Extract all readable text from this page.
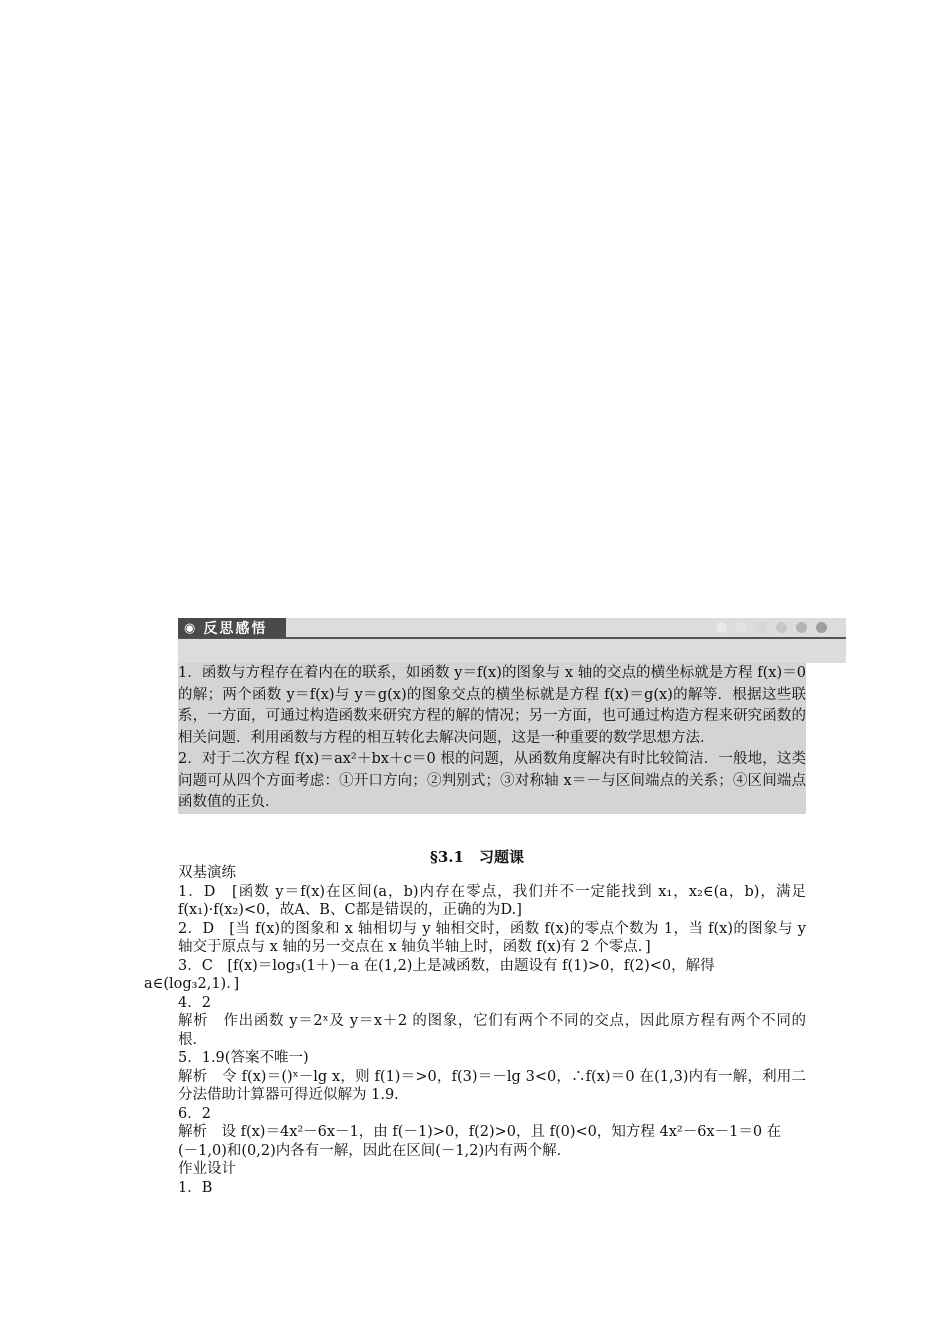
◉ 反思感悟

1．函数与方程存在着内在的联系，如函数 y＝f(x)的图象与 x 轴的交点的横坐标就是方程 f(x)＝0 的解；两个函数 y＝f(x)与 y＝g(x)的图象交点的横坐标就是方程 f(x)＝g(x)的解等．根据这些联系，一方面，可通过构造函数来研究方程的解的情况；另一方面，也可通过构造方程来研究函数的相关问题．利用函数与方程的相互转化去解决问题，这是一种重要的数学思想方法．

2．对于二次方程 f(x)＝ax²＋bx＋c＝0 根的问题，从函数角度解决有时比较简洁．一般地，这类问题可从四个方面考虑：①开口方向；②判别式；③对称轴 x＝－与区间端点的关系；④区间端点函数值的正负．

§3.1　习题课

双基演练

1．D　[函数 y＝f(x)在区间(a，b)内存在零点，我们并不一定能找到 x₁，x₂∈(a，b)，满足 f(x₁)·f(x₂)<0，故A、B、C都是错误的，正确的为D.]

2．D　[当 f(x)的图象和 x 轴相切与 y 轴相交时，函数 f(x)的零点个数为 1，当 f(x)的图象与 y 轴交于原点与 x 轴的另一交点在 x 轴负半轴上时，函数 f(x)有 2 个零点．]

3．C　[f(x)＝log₃(1＋)－a 在(1,2)上是减函数，由题设有 f(1)>0，f(2)<0，解得

a∈(log₃2,1)．]

4．2

解析　作出函数 y＝2ˣ及 y＝x＋2 的图象，它们有两个不同的交点，因此原方程有两个不同的根．

5．1.9(答案不唯一)

解析　令 f(x)＝()ˣ－lg x，则 f(1)＝>0，f(3)＝－lg 3<0，∴f(x)＝0 在(1,3)内有一解，利用二分法借助计算器可得近似解为 1.9.

6．2

解析　设 f(x)＝4x²－6x－1，由 f(－1)>0，f(2)>0，且 f(0)<0，知方程 4x²－6x－1＝0 在

(－1,0)和(0,2)内各有一解，因此在区间(－1,2)内有两个解．

作业设计

1．B
